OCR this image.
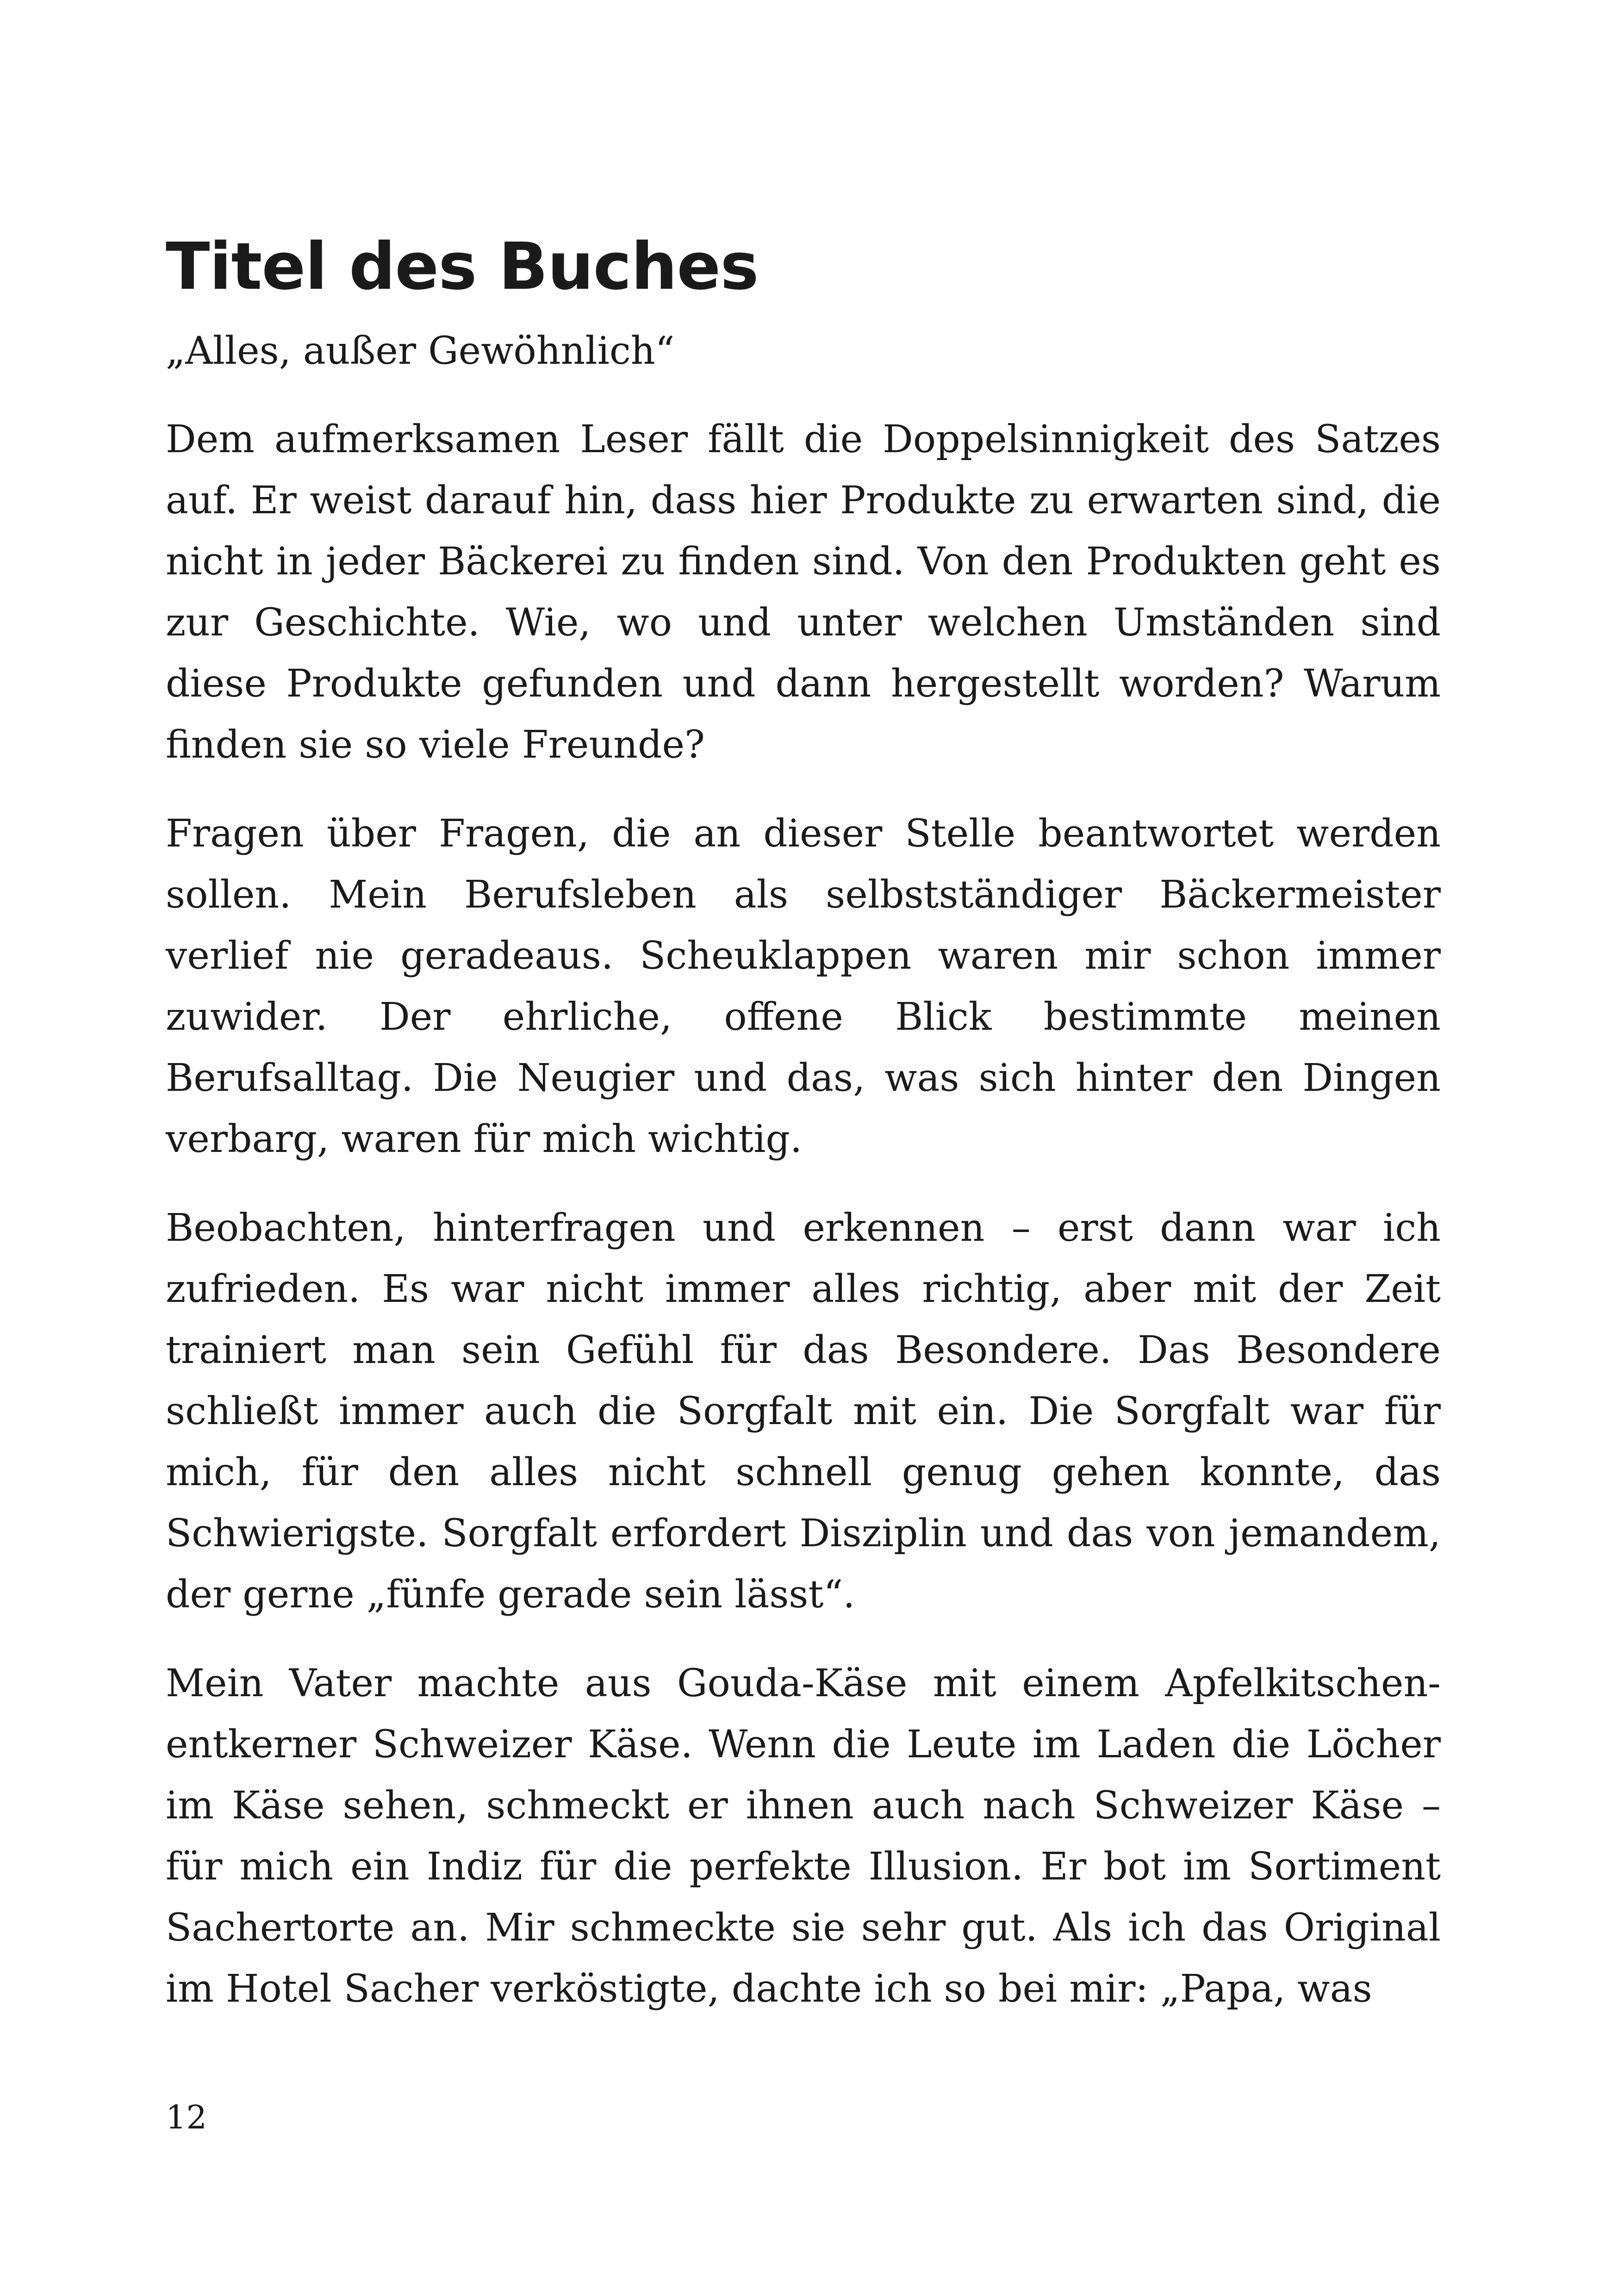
Titel des Buches

„Alles, außer Gewöhnlich“

Dem aufmerksamen Leser fällt die Doppelsinnigkeit des Satzes auf. Er weist darauf hin, dass hier Produkte zu erwarten sind, die nicht in jeder Bäckerei zu finden sind. Von den Produkten geht es zur Geschichte. Wie, wo und unter welchen Umständen sind diese Produkte gefunden und dann hergestellt worden? Warum finden sie so viele Freunde?

Fragen über Fragen, die an dieser Stelle beantwortet werden sollen. Mein Berufsleben als selbstständiger Bäckermeister verlief nie geradeaus. Scheuklappen waren mir schon immer zuwider. Der ehrliche, offene Blick bestimmte meinen Berufsalltag. Die Neugier und das, was sich hinter den Dingen verbarg, waren für mich wichtig.

Beobachten, hinterfragen und erkennen – erst dann war ich zufrieden. Es war nicht immer alles richtig, aber mit der Zeit trainiert man sein Gefühl für das Besondere. Das Besondere schließt immer auch die Sorgfalt mit ein. Die Sorgfalt war für mich, für den alles nicht schnell genug gehen konnte, das Schwierigste. Sorgfalt erfordert Disziplin und das von jemandem, der gerne „fünfe gerade sein lässt“.

Mein Vater machte aus Gouda-Käse mit einem Apfelkitschenentkerner Schweizer Käse. Wenn die Leute im Laden die Löcher im Käse sehen, schmeckt er ihnen auch nach Schweizer Käse – für mich ein Indiz für die perfekte Illusion. Er bot im Sortiment Sachertorte an. Mir schmeckte sie sehr gut. Als ich das Original im Hotel Sacher verköstigte, dachte ich so bei mir: „Papa, was

12
